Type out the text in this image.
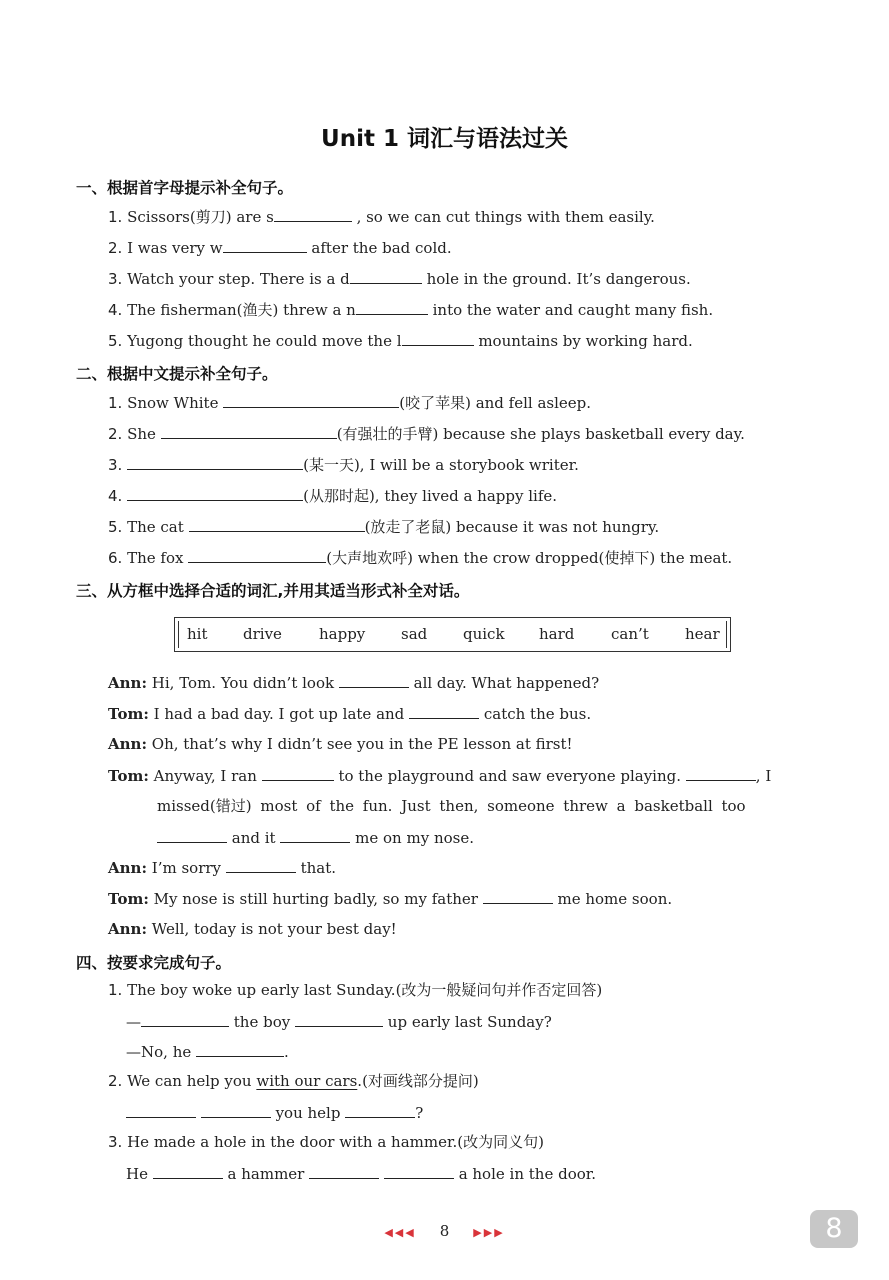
Unit 1 词汇与语法过关
一、根据首字母提示补全句子。
1. Scissors(剪刀) are s	, so we can cut things with them easily.
2. I was very w	after the bad cold.
3. Watch your step. There is a d	hole in the ground. It’s dangerous.
4. The fisherman(渔夫) threw a n	into the water and caught many fish.
5. Yugong thought he could move the l	mountains by working hard.
二、根据中文提示补全句子。
1. Snow White	(咬了苹果) and fell asleep.
2. She	(有强壮的手臂) because she plays basketball every day.
3.	(某一天), I will be a storybook writer.
4.	(从那时起), they lived a happy life.
5. The cat	(放走了老鼠) because it was not hungry.
6. The fox	(大声地欢呼) when the crow dropped(使掉下) the meat.
三、从方框中选择合适的词汇,并用其适当形式补全对话。
hit drive happy sad quick hard can’t hear
Ann: Hi, Tom. You didn’t look	all day. What happened?
Tom: I had a bad day. I got up late and	catch the bus.
Ann: Oh, that’s why I didn’t see you in the PE lesson at first!
Tom: Anyway, I ran	to the playground and saw everyone playing.	, I
missed(错过) most of the fun. Just then, someone threw a basketball too
and it	me on my nose.
Ann: I’m sorry	that.
Tom: My nose is still hurting badly, so my father	me home soon.
Ann: Well, today is not your best day!
四、按要求完成句子。
1. The boy woke up early last Sunday.(改为一般疑问句并作否定回答)
—	the boy	up early last Sunday?
—No, he	.
2. We can help you with our cars.(对画线部分提问)
you help	?
3. He made a hole in the door with a hammer.(改为同义句)
He	a hammer	a hole in the door.
◀◀◀ 8 ▶▶▶	8
